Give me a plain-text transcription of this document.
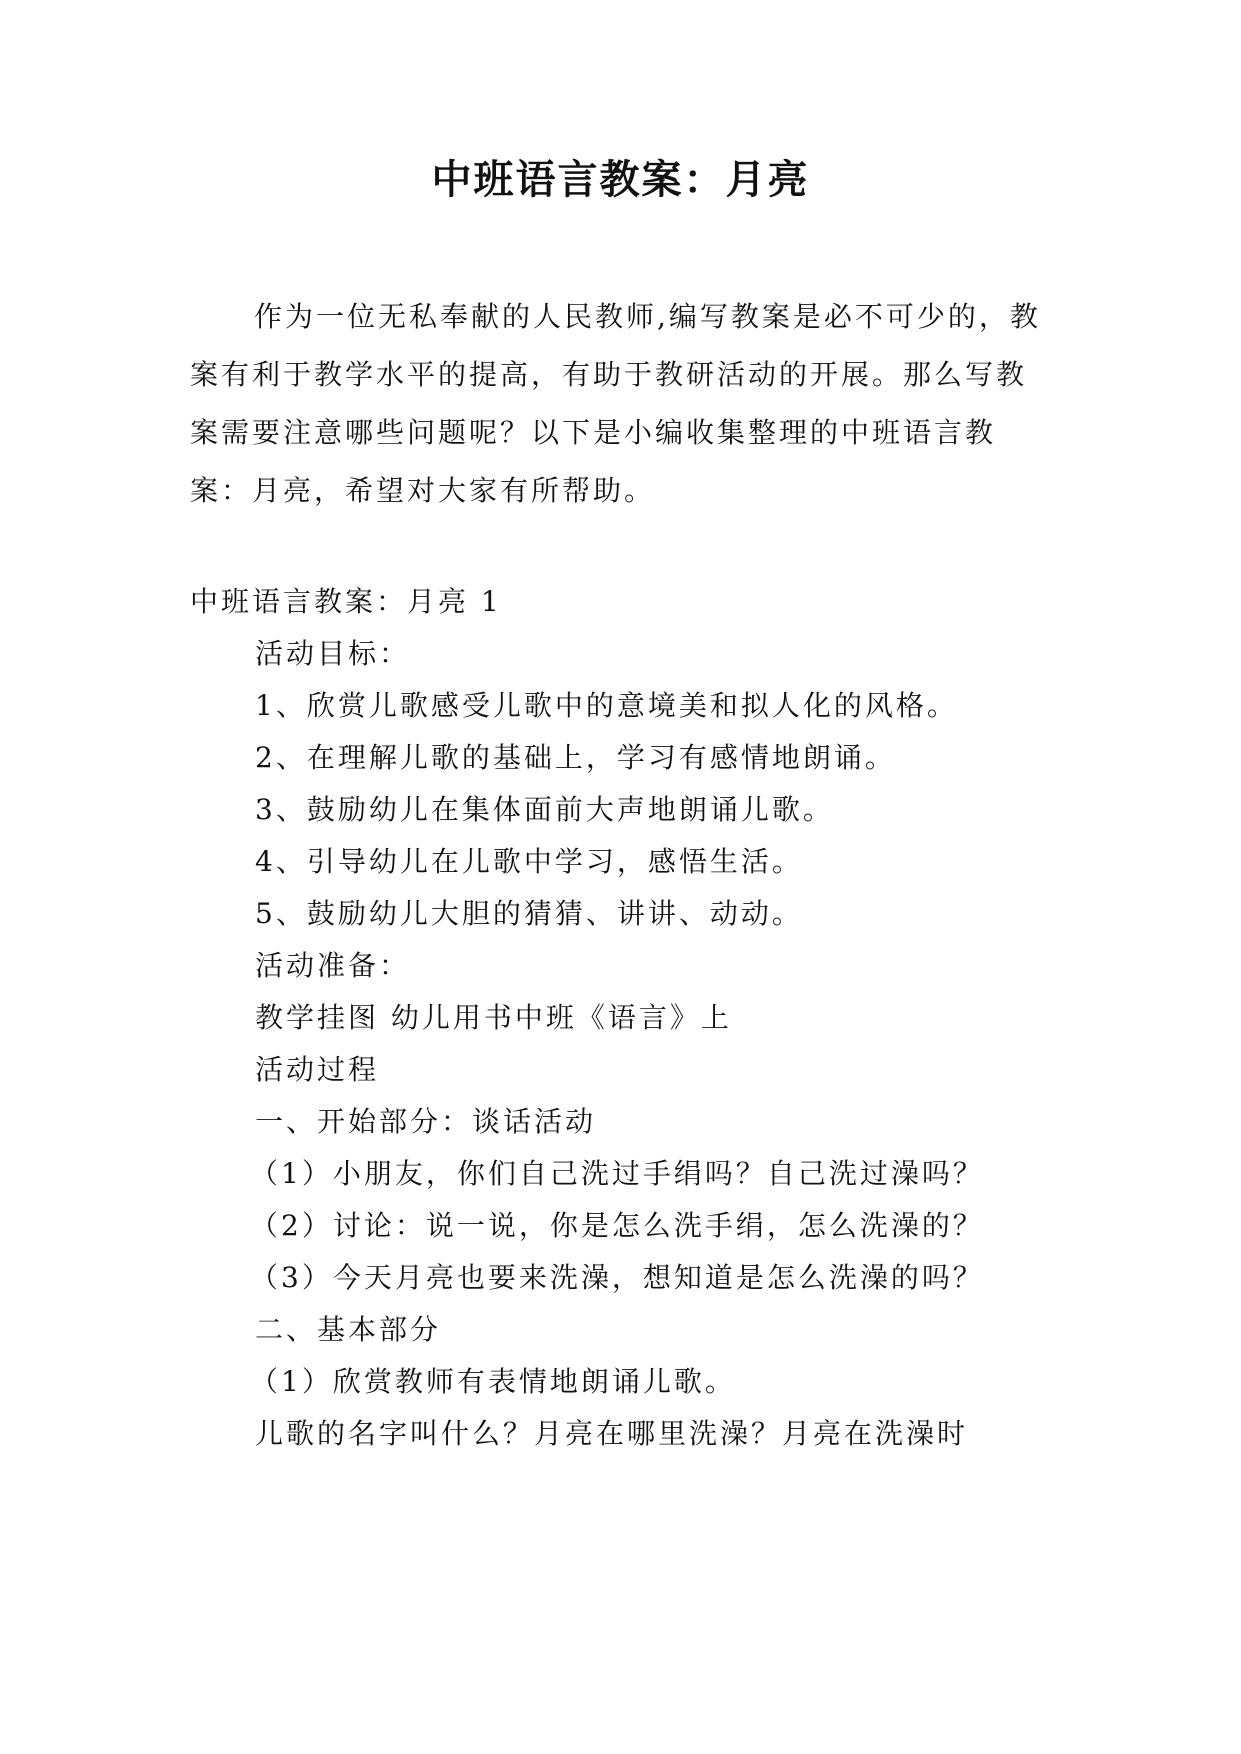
中班语言教案：月亮

作为一位无私奉献的人民教师,编写教案是必不可少的，教案有利于教学水平的提高，有助于教研活动的开展。那么写教案需要注意哪些问题呢？以下是小编收集整理的中班语言教案：月亮，希望对大家有所帮助。

中班语言教案：月亮 1

活动目标：

1、欣赏儿歌感受儿歌中的意境美和拟人化的风格。

2、在理解儿歌的基础上，学习有感情地朗诵。

3、鼓励幼儿在集体面前大声地朗诵儿歌。

4、引导幼儿在儿歌中学习，感悟生活。

5、鼓励幼儿大胆的猜猜、讲讲、动动。

活动准备：

教学挂图 幼儿用书中班《语言》上

活动过程

一、开始部分：谈话活动

（1）小朋友，你们自己洗过手绢吗？自己洗过澡吗？

（2）讨论：说一说，你是怎么洗手绢，怎么洗澡的？

（3）今天月亮也要来洗澡，想知道是怎么洗澡的吗？

二、基本部分

（1）欣赏教师有表情地朗诵儿歌。

儿歌的名字叫什么？月亮在哪里洗澡？月亮在洗澡时
